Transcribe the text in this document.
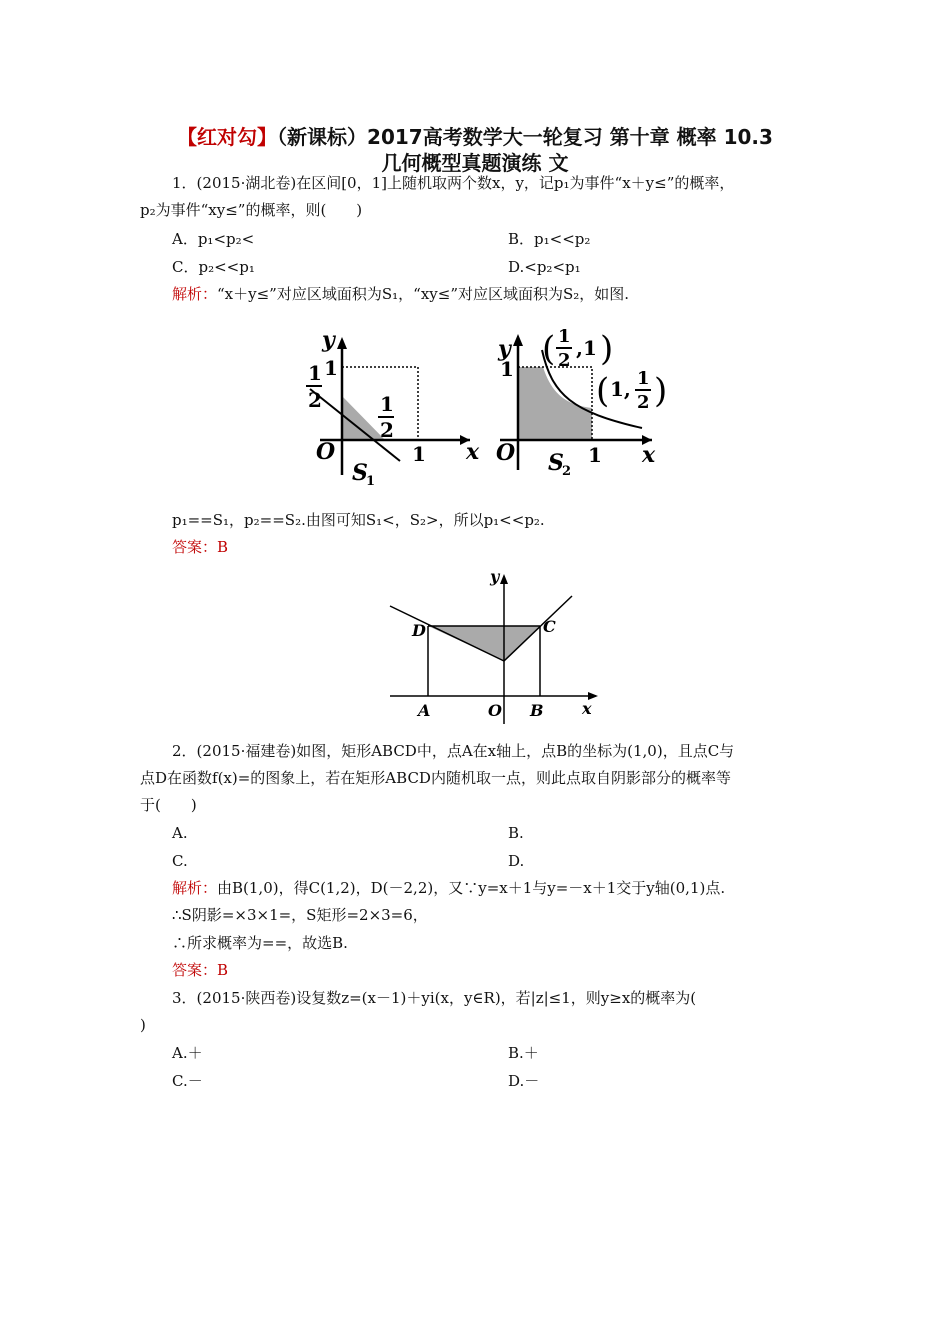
【红对勾】（新课标）2017高考数学大一轮复习 第十章 概率 10.3
几何概型真题演练 文
1．(2015·湖北卷)在区间[0，1]上随机取两个数x，y，记p₁为事件“x＋y≤”的概率，
p₂为事件“xy≤”的概率，则(　　)
A．p₁<p₂<	B．p₁<<p₂
C．p₂<<p₁	D.<p₂<p₁
解析：“x＋y≤”对应区域面积为S₁，“xy≤”对应区域面积为S₂，如图.
y
1
1
2	1
2
O	1 x
S
1
y
1 ( 1
2
,1 )
( 1, 1
2 )
O	1 x
S
2
p₁==S₁，p₂==S₂.由图可知S₁<，S₂>，所以p₁<<p₂.
答案：B
y
D	C
A	O B x
2．(2015·福建卷)如图，矩形ABCD中，点A在x轴上，点B的坐标为(1,0)，且点C与
点D在函数f(x)=的图象上，若在矩形ABCD内随机取一点，则此点取自阴影部分的概率等
于(　　)
A.	B.
C.	D.
解析：由B(1,0)，得C(1,2)，D(－2,2)，又∵y=x＋1与y=－x＋1交于y轴(0,1)点.
∴S阴影=×3×1=，S矩形=2×3=6，
∴所求概率为==，故选B.
答案：B
3．(2015·陕西卷)设复数z=(x－1)＋yi(x，y∈R)，若|z|≤1，则y≥x的概率为(
)
A.＋	B.＋
C.－	D.－
